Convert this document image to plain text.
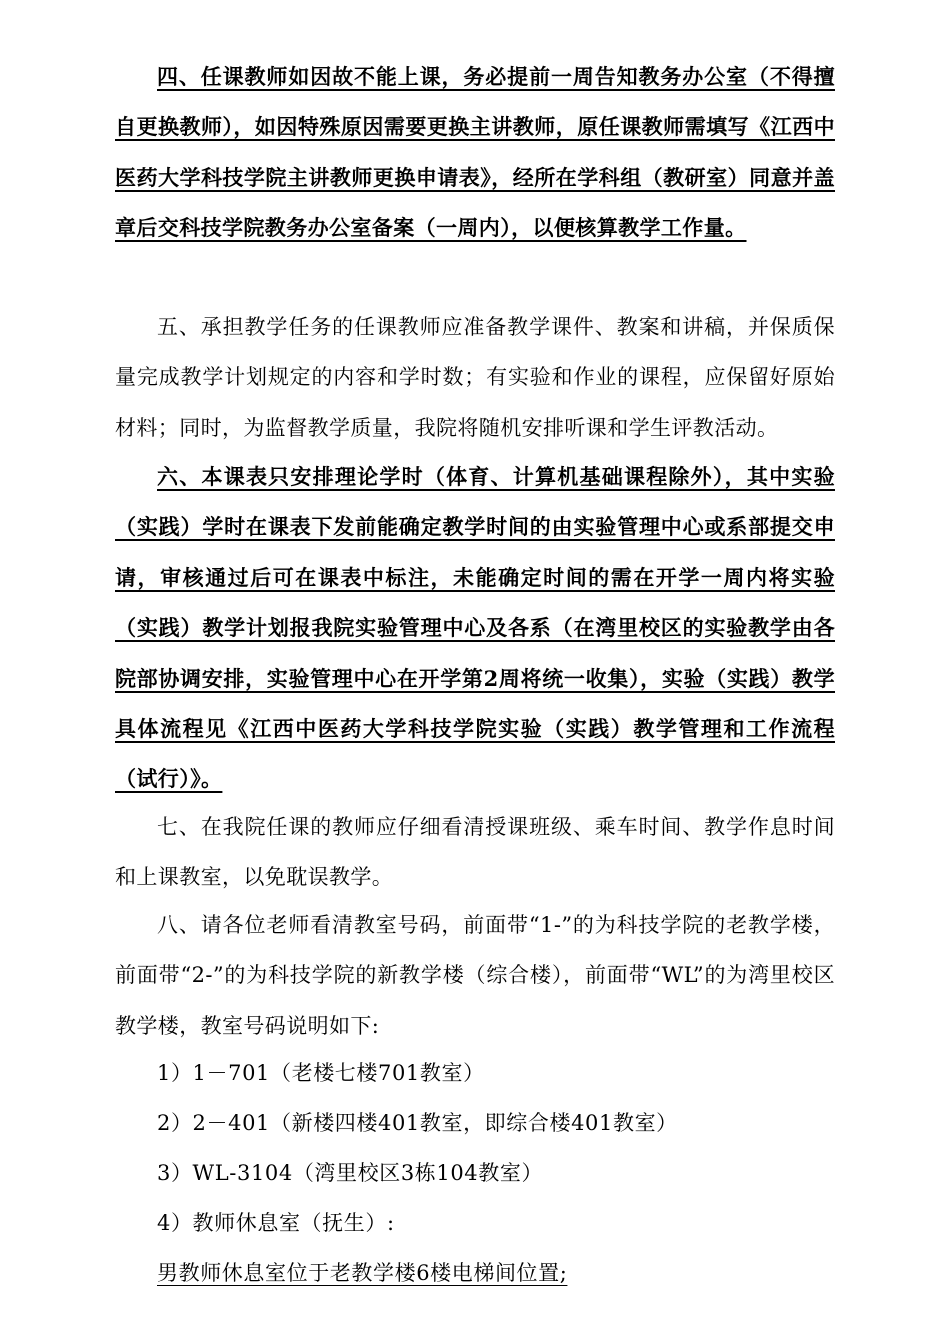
四、任课教师如因故不能上课，务必提前一周告知教务办公室（不得擅自更换教师），如因特殊原因需要更换主讲教师，原任课教师需填写《江西中医药大学科技学院主讲教师更换申请表》，经所在学科组（教研室）同意并盖章后交科技学院教务办公室备案（一周内），以便核算教学工作量。

五、承担教学任务的任课教师应准备教学课件、教案和讲稿，并保质保量完成教学计划规定的内容和学时数；有实验和作业的课程，应保留好原始材料；同时，为监督教学质量，我院将随机安排听课和学生评教活动。

六、本课表只安排理论学时（体育、计算机基础课程除外），其中实验（实践）学时在课表下发前能确定教学时间的由实验管理中心或系部提交申请，审核通过后可在课表中标注，未能确定时间的需在开学一周内将实验（实践）教学计划报我院实验管理中心及各系（在湾里校区的实验教学由各院部协调安排，实验管理中心在开学第2周将统一收集），实验（实践）教学具体流程见《江西中医药大学科技学院实验（实践）教学管理和工作流程（试行）》。

七、在我院任课的教师应仔细看清授课班级、乘车时间、教学作息时间和上课教室，以免耽误教学。

八、请各位老师看清教室号码，前面带“1-”的为科技学院的老教学楼，前面带“2-”的为科技学院的新教学楼（综合楼），前面带“WL”的为湾里校区教学楼，教室号码说明如下:

1）1－701（老楼七楼701教室）

2）2－401（新楼四楼401教室，即综合楼401教室）

3）WL-3104（湾里校区3栋104教室）

4）教师休息室（抚生）:

男教师休息室位于老教学楼6楼电梯间位置;
